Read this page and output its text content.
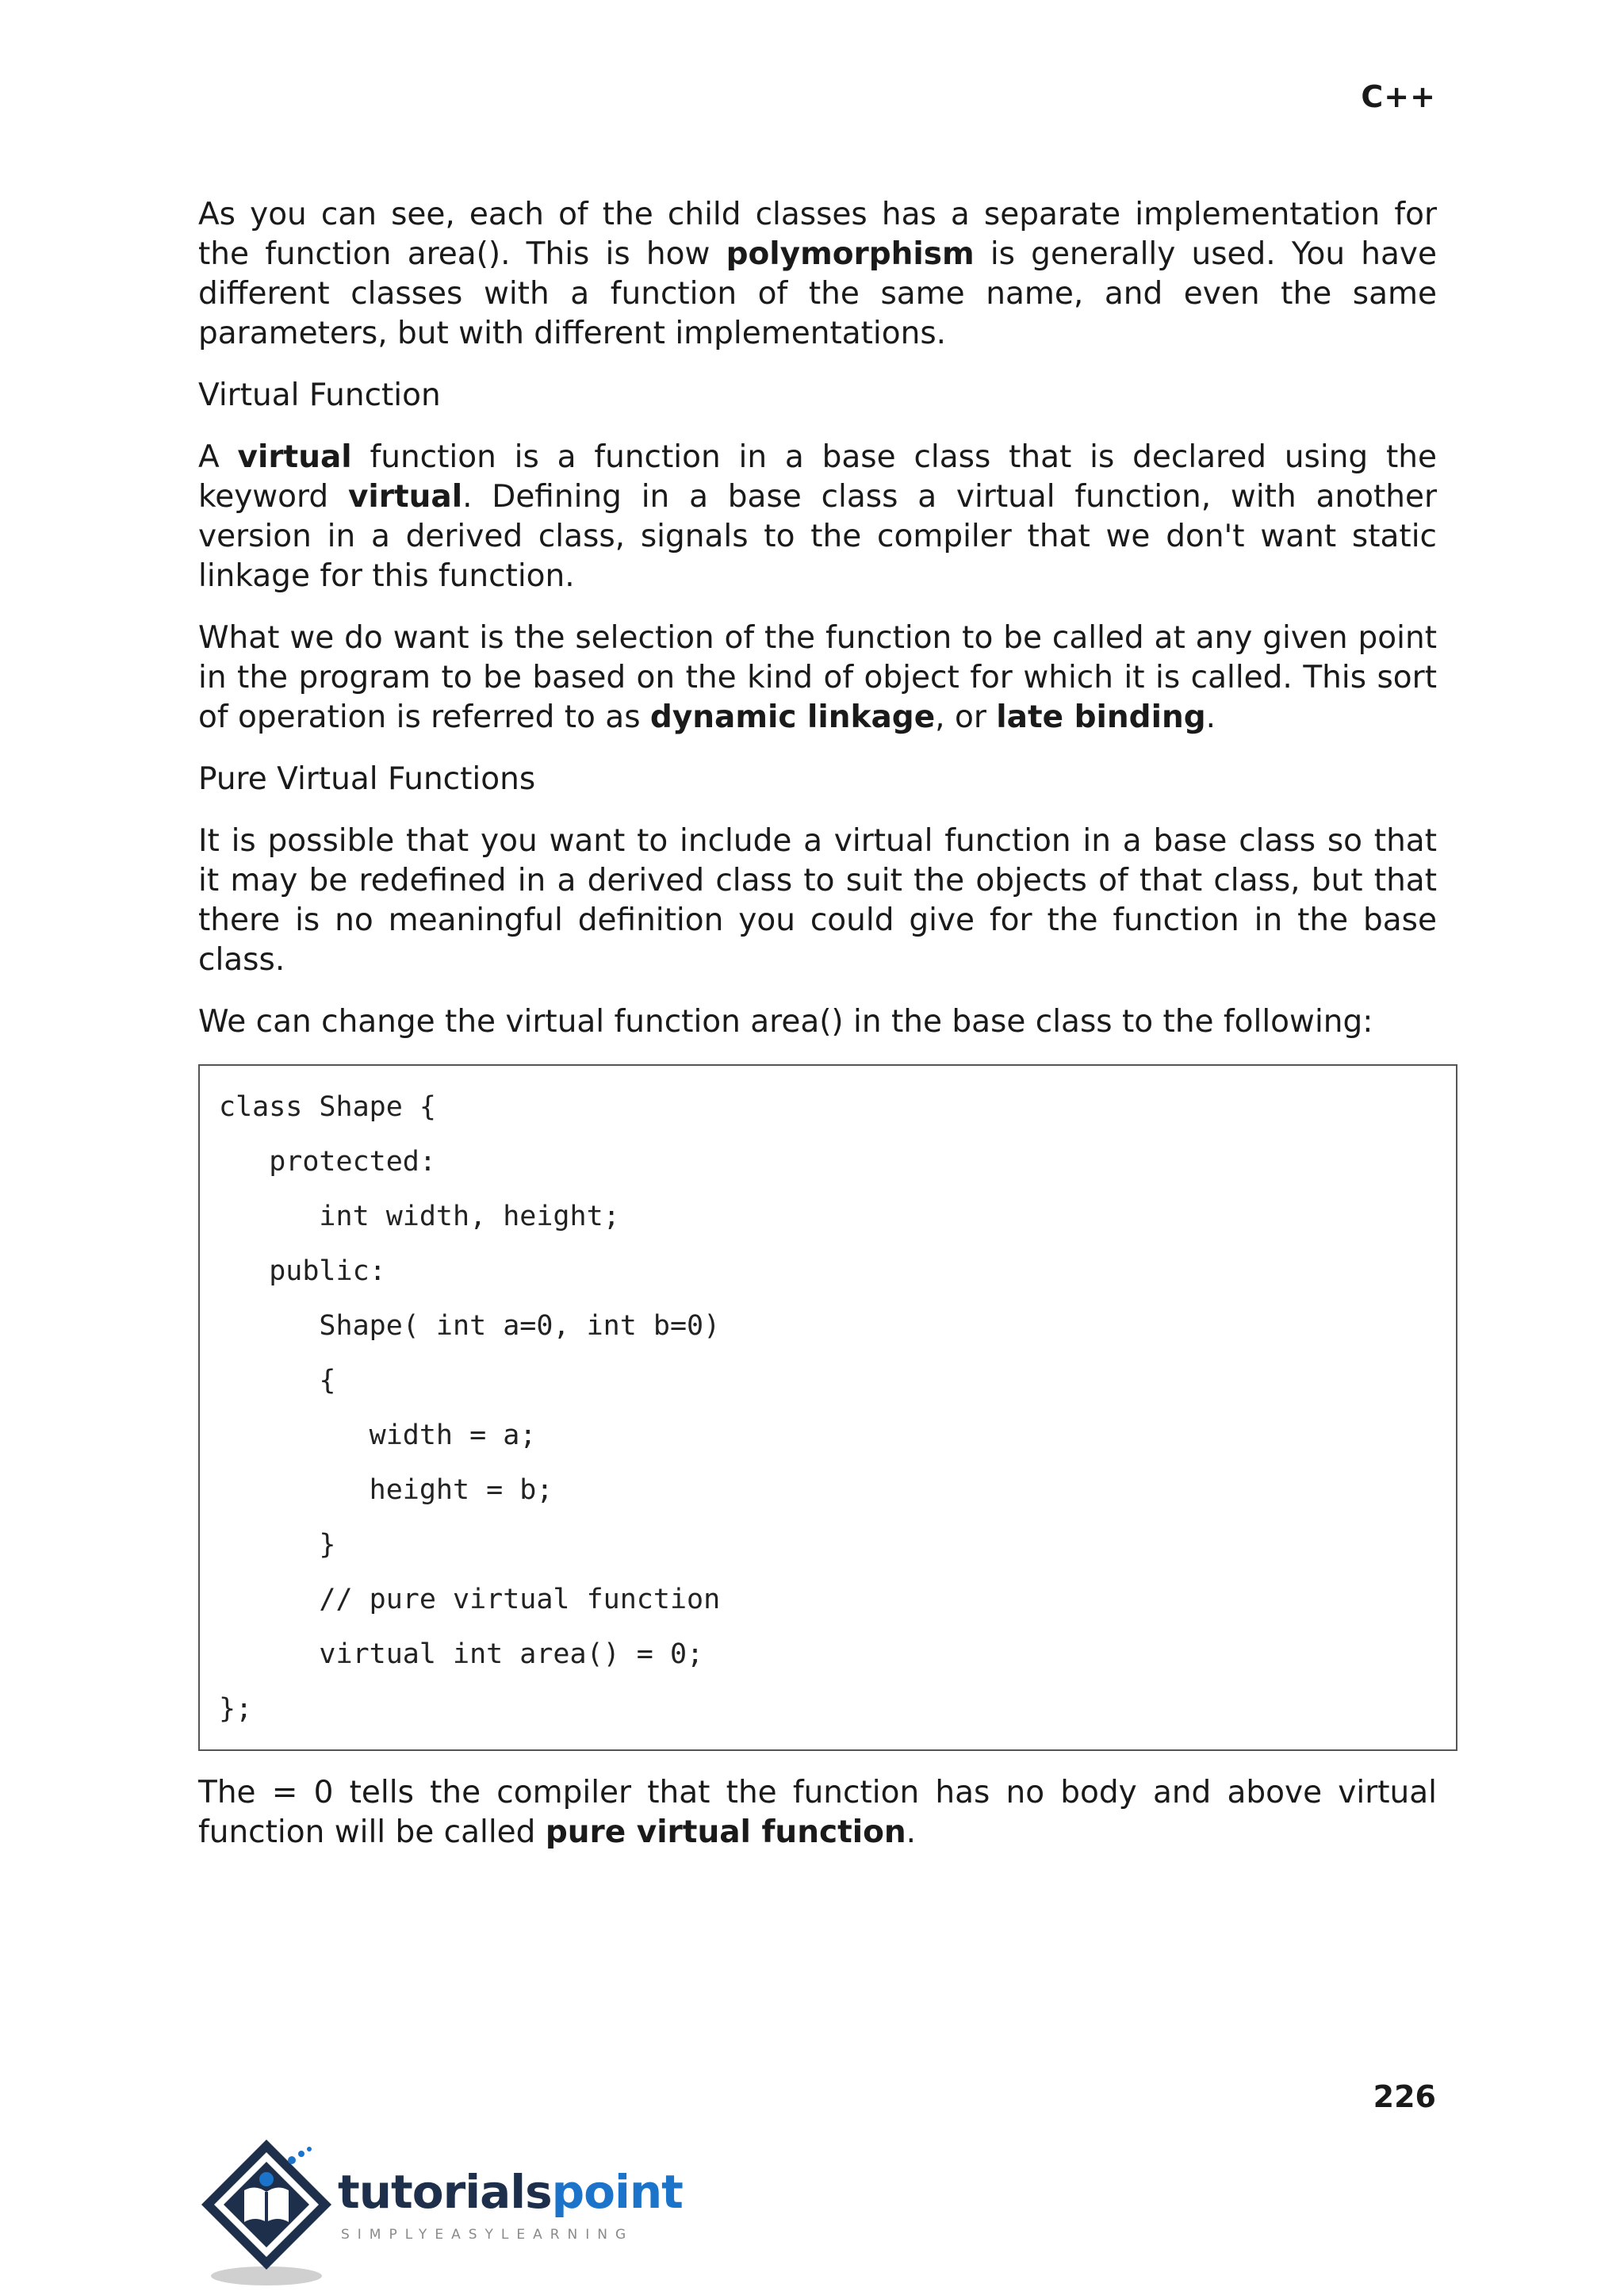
C++

As you can see, each of the child classes has a separate implementation for the function area(). This is how polymorphism is generally used. You have different classes with a function of the same name, and even the same parameters, but with different implementations.

Virtual Function

A virtual function is a function in a base class that is declared using the keyword virtual. Defining in a base class a virtual function, with another version in a derived class, signals to the compiler that we don't want static linkage for this function.

What we do want is the selection of the function to be called at any given point in the program to be based on the kind of object for which it is called. This sort of operation is referred to as dynamic linkage, or late binding.

Pure Virtual Functions

It is possible that you want to include a virtual function in a base class so that it may be redefined in a derived class to suit the objects of that class, but that there is no meaningful definition you could give for the function in the base class.

We can change the virtual function area() in the base class to the following:

class Shape {
protected:
int width, height;
public:
Shape( int a=0, int b=0)
{
width = a;
height = b;
}
// pure virtual function
virtual int area() = 0;
};

The = 0 tells the compiler that the function has no body and above virtual function will be called pure virtual function.

226
tutorialspoint
SIMPLYEASYLEARNING
